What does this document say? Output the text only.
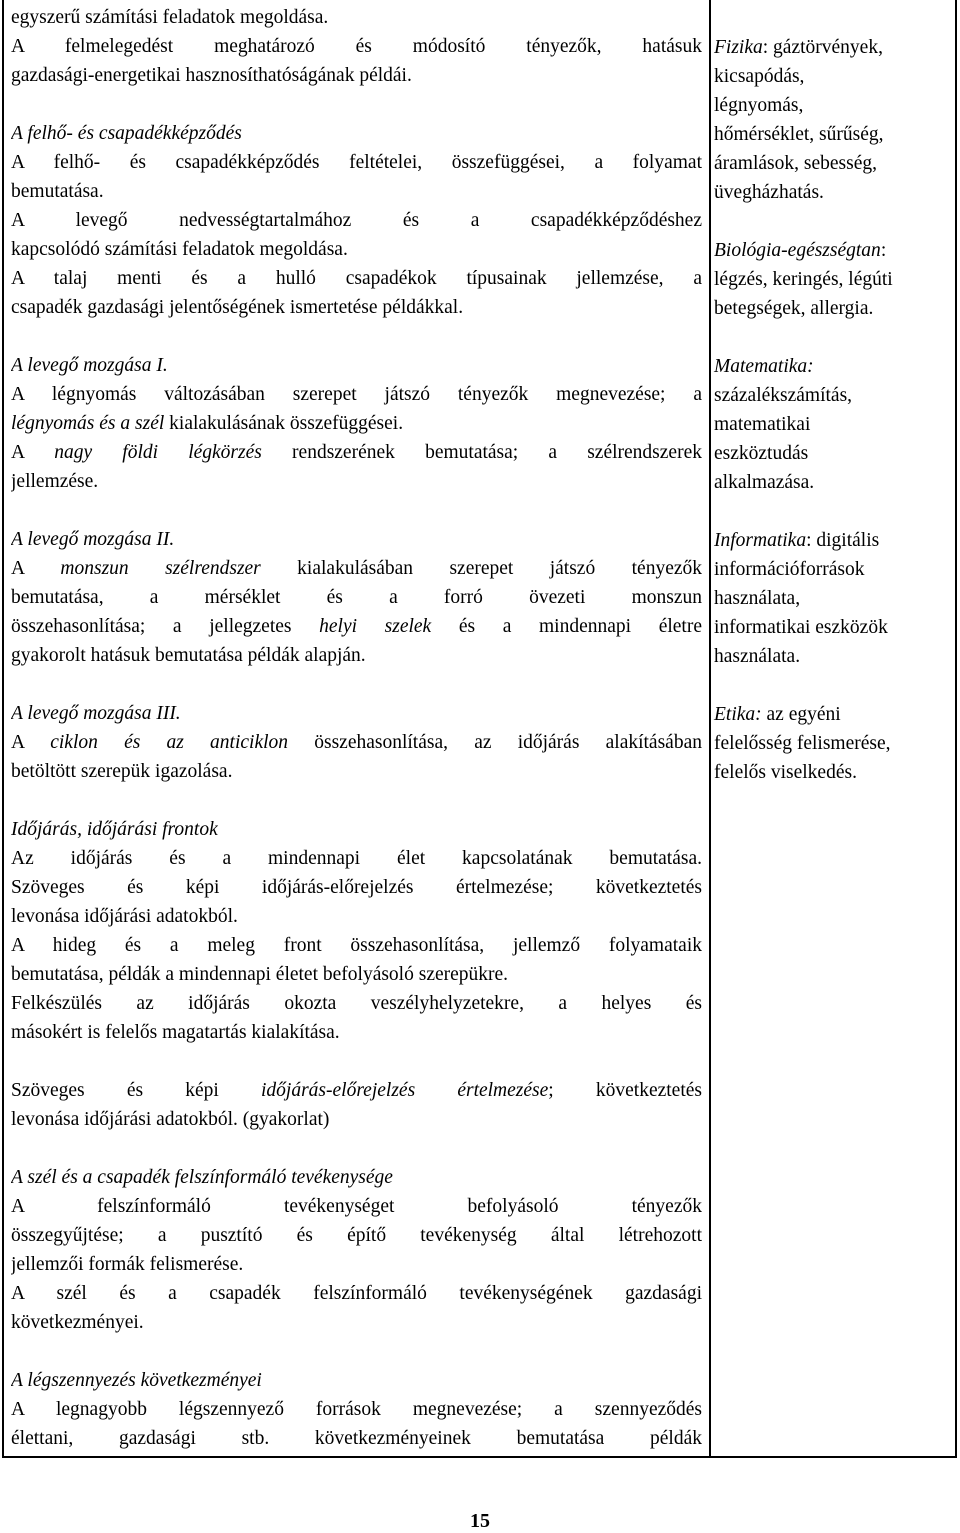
egyszerű számítási feladatok megoldása.
A felmelegedést meghatározó és módosító tényezők, hatásuk
gazdasági-energetikai hasznosíthatóságának példái.
A felhő- és csapadékképződés
A felhő- és csapadékképződés feltételei, összefüggései, a folyamat
bemutatása.
A levegő nedvességtartalmához és a csapadékképződéshez
kapcsolódó számítási feladatok megoldása.
A talaj menti és a hulló csapadékok típusainak jellemzése, a
csapadék gazdasági jelentőségének ismertetése példákkal.
A levegő mozgása I.
A légnyomás változásában szerepet játszó tényezők megnevezése; a
légnyomás és a szél kialakulásának összefüggései.
A nagy földi légkörzés rendszerének bemutatása; a szélrendszerek
jellemzése.
A levegő mozgása II.
A monszun szélrendszer kialakulásában szerepet játszó tényezők
bemutatása, a mérséklet és a forró övezeti monszun
összehasonlítása; a jellegzetes helyi szelek és a mindennapi életre
gyakorolt hatásuk bemutatása példák alapján.
A levegő mozgása III.
A ciklon és az anticiklon összehasonlítása, az időjárás alakításában
betöltött szerepük igazolása.
Időjárás, időjárási frontok
Az időjárás és a mindennapi élet kapcsolatának bemutatása.
Szöveges és képi időjárás-előrejelzés értelmezése; következtetés
levonása időjárási adatokból.
A hideg és a meleg front összehasonlítása, jellemző folyamataik
bemutatása, példák a mindennapi életet befolyásoló szerepükre.
Felkészülés az időjárás okozta veszélyhelyzetekre, a helyes és
másokért is felelős magatartás kialakítása.
Szöveges és képi időjárás-előrejelzés értelmezése; következtetés
levonása időjárási adatokból. (gyakorlat)
A szél és a csapadék felszínformáló tevékenysége
A felszínformáló tevékenységet befolyásoló tényezők
összegyűjtése; a pusztító és építő tevékenység által létrehozott
jellemzői formák felismerése.
A szél és a csapadék felszínformáló tevékenységének gazdasági
következményei.
A légszennyezés következményei
A legnagyobb légszennyező források megnevezése; a szennyeződés
élettani, gazdasági stb. következményeinek bemutatása példák
Fizika: gáztörvények,
kicsapódás,
légnyomás,
hőmérséklet, sűrűség,
áramlások, sebesség,
üvegházhatás.
Biológia-egészségtan:
légzés, keringés, légúti
betegségek, allergia.
Matematika:
százalékszámítás,
matematikai
eszköztudás
alkalmazása.
Informatika: digitális
információforrások
használata,
informatikai eszközök
használata.
Etika: az egyéni
felelősség felismerése,
felelős viselkedés.
15
